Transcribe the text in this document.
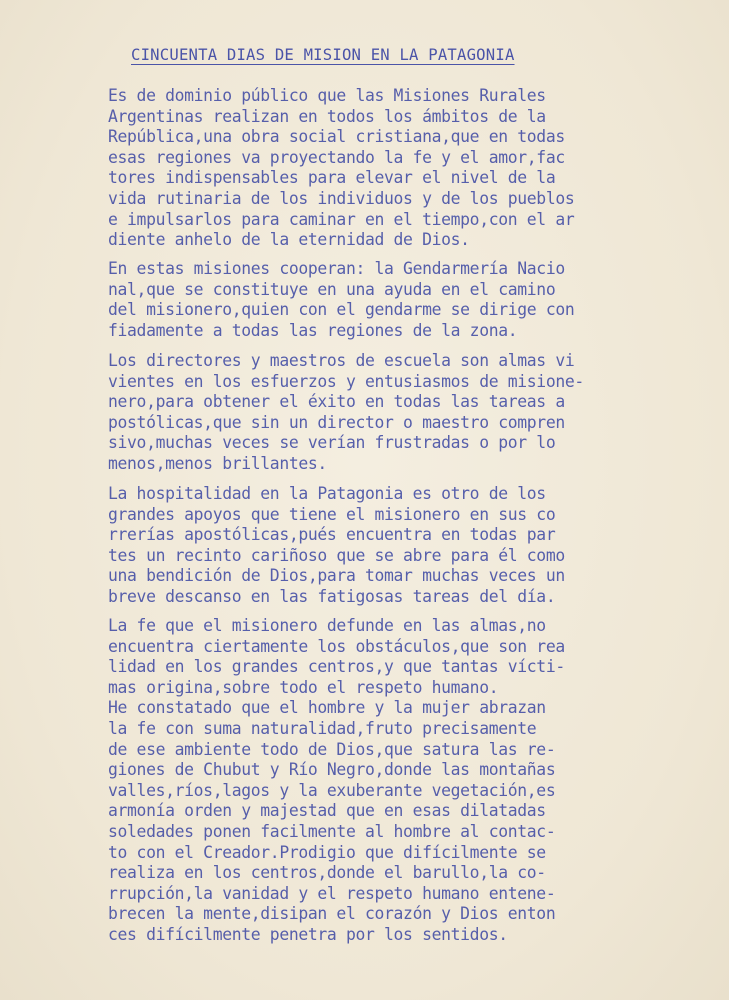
CINCUENTA DIAS DE MISION EN LA PATAGONIA
Es de dominio público que las Misiones Rurales
Argentinas realizan en todos los ámbitos de la
República,una obra social cristiana,que en todas
esas regiones va proyectando la fe y el amor,fac
tores indispensables para elevar el nivel de la
vida rutinaria de los individuos y de los pueblos
e impulsarlos para caminar en el tiempo,con el ar
diente anhelo de la eternidad de Dios.
En estas misiones cooperan: la Gendarmería Nacio
nal,que se constituye en una ayuda en el camino
del misionero,quien con el gendarme se dirige con
fiadamente a todas las regiones de la zona.
Los directores y maestros de escuela son almas vi
vientes en los esfuerzos y entusiasmos de misione-
nero,para obtener el éxito en todas las tareas a
postólicas,que sin un director o maestro compren
sivo,muchas veces se verían frustradas o por lo
menos,menos brillantes.
La hospitalidad en la Patagonia es otro de los
grandes apoyos que tiene el misionero en sus co
rrerías apostólicas,pués encuentra en todas par
tes un recinto cariñoso que se abre para él como
una bendición de Dios,para tomar muchas veces un
breve descanso en las fatigosas tareas del día.
La fe que el misionero defunde en las almas,no
encuentra ciertamente los obstáculos,que son rea
lidad en los grandes centros,y que tantas vícti-
mas origina,sobre todo el respeto humano.
He constatado que el hombre y la mujer abrazan
la fe con suma naturalidad,fruto precisamente
de ese ambiente todo de Dios,que satura las re-
giones de Chubut y Río Negro,donde las montañas
valles,ríos,lagos y la exuberante vegetación,es
armonía orden y majestad que en esas dilatadas
soledades ponen facilmente al hombre al contac-
to con el Creador.Prodigio que difícilmente se
realiza en los centros,donde el barullo,la co-
rrupción,la vanidad y el respeto humano entene-
brecen la mente,disipan el corazón y Dios enton
ces difícilmente penetra por los sentidos.
